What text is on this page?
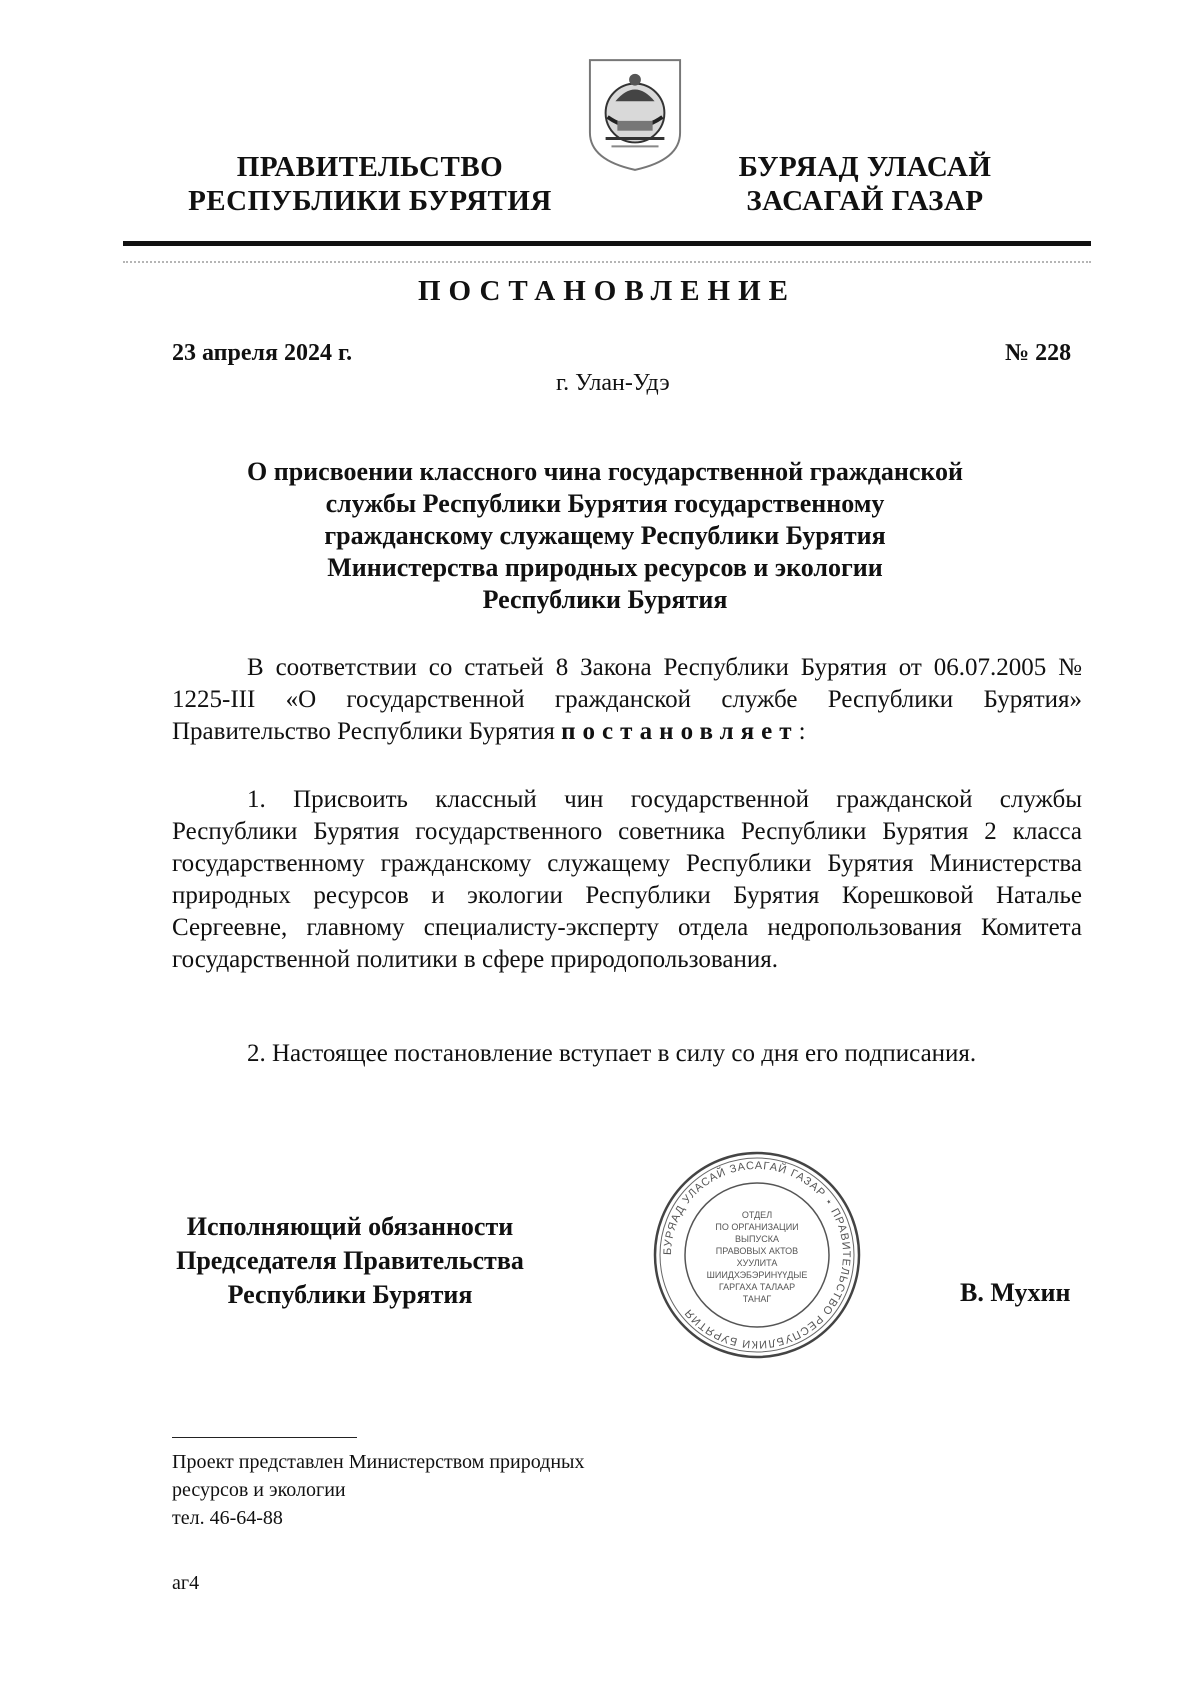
ПРАВИТЕЛЬСТВО
РЕСПУБЛИКИ БУРЯТИЯ
БУРЯАД УЛАСАЙ
ЗАСАГАЙ ГАЗАР
ПОСТАНОВЛЕНИЕ
23 апреля 2024 г.	№ 228
г. Улан-Удэ
О присвоении классного чина государственной гражданской
службы Республики Бурятия государственному
гражданскому служащему Республики Бурятия
Министерства природных ресурсов и экологии
Республики Бурятия
В соответствии со статьей 8 Закона Республики Бурятия от 06.07.2005 № 1225-III «О государственной гражданской службе Республики Бурятия» Правительство Республики Бурятия постановляет:
1. Присвоить классный чин государственной гражданской службы Республики Бурятия государственного советника Республики Бурятия 2 класса государственному гражданскому служащему Республики Бурятия Министерства природных ресурсов и экологии Республики Бурятия Корешковой Наталье Сергеевне, главному специалисту-эксперту отдела недропользования Комитета государственной политики в сфере природопользования.
2. Настоящее постановление вступает в силу со дня его подписания.
Исполняющий обязанности
Председателя Правительства
Республики Бурятия
БУРЯАД УЛАСАЙ ЗАСАГАЙ ГАЗАР ⋆ ПРАВИТЕЛЬСТВО РЕСПУБЛИКИ БУРЯТИЯ
ОТДЕЛ
ПО ОРГАНИЗАЦИИ
ВЫПУСКА
ПРАВОВЫХ АКТОВ
ХУУЛИТА
ШИИДХЭБЭРИНҮҮДЫЕ
ГАРГАХА ТАЛААР
ТАНАГ	В. Мухин
Проект представлен Министерством природных
ресурсов и экологии
тел. 46-64-88
аг4
